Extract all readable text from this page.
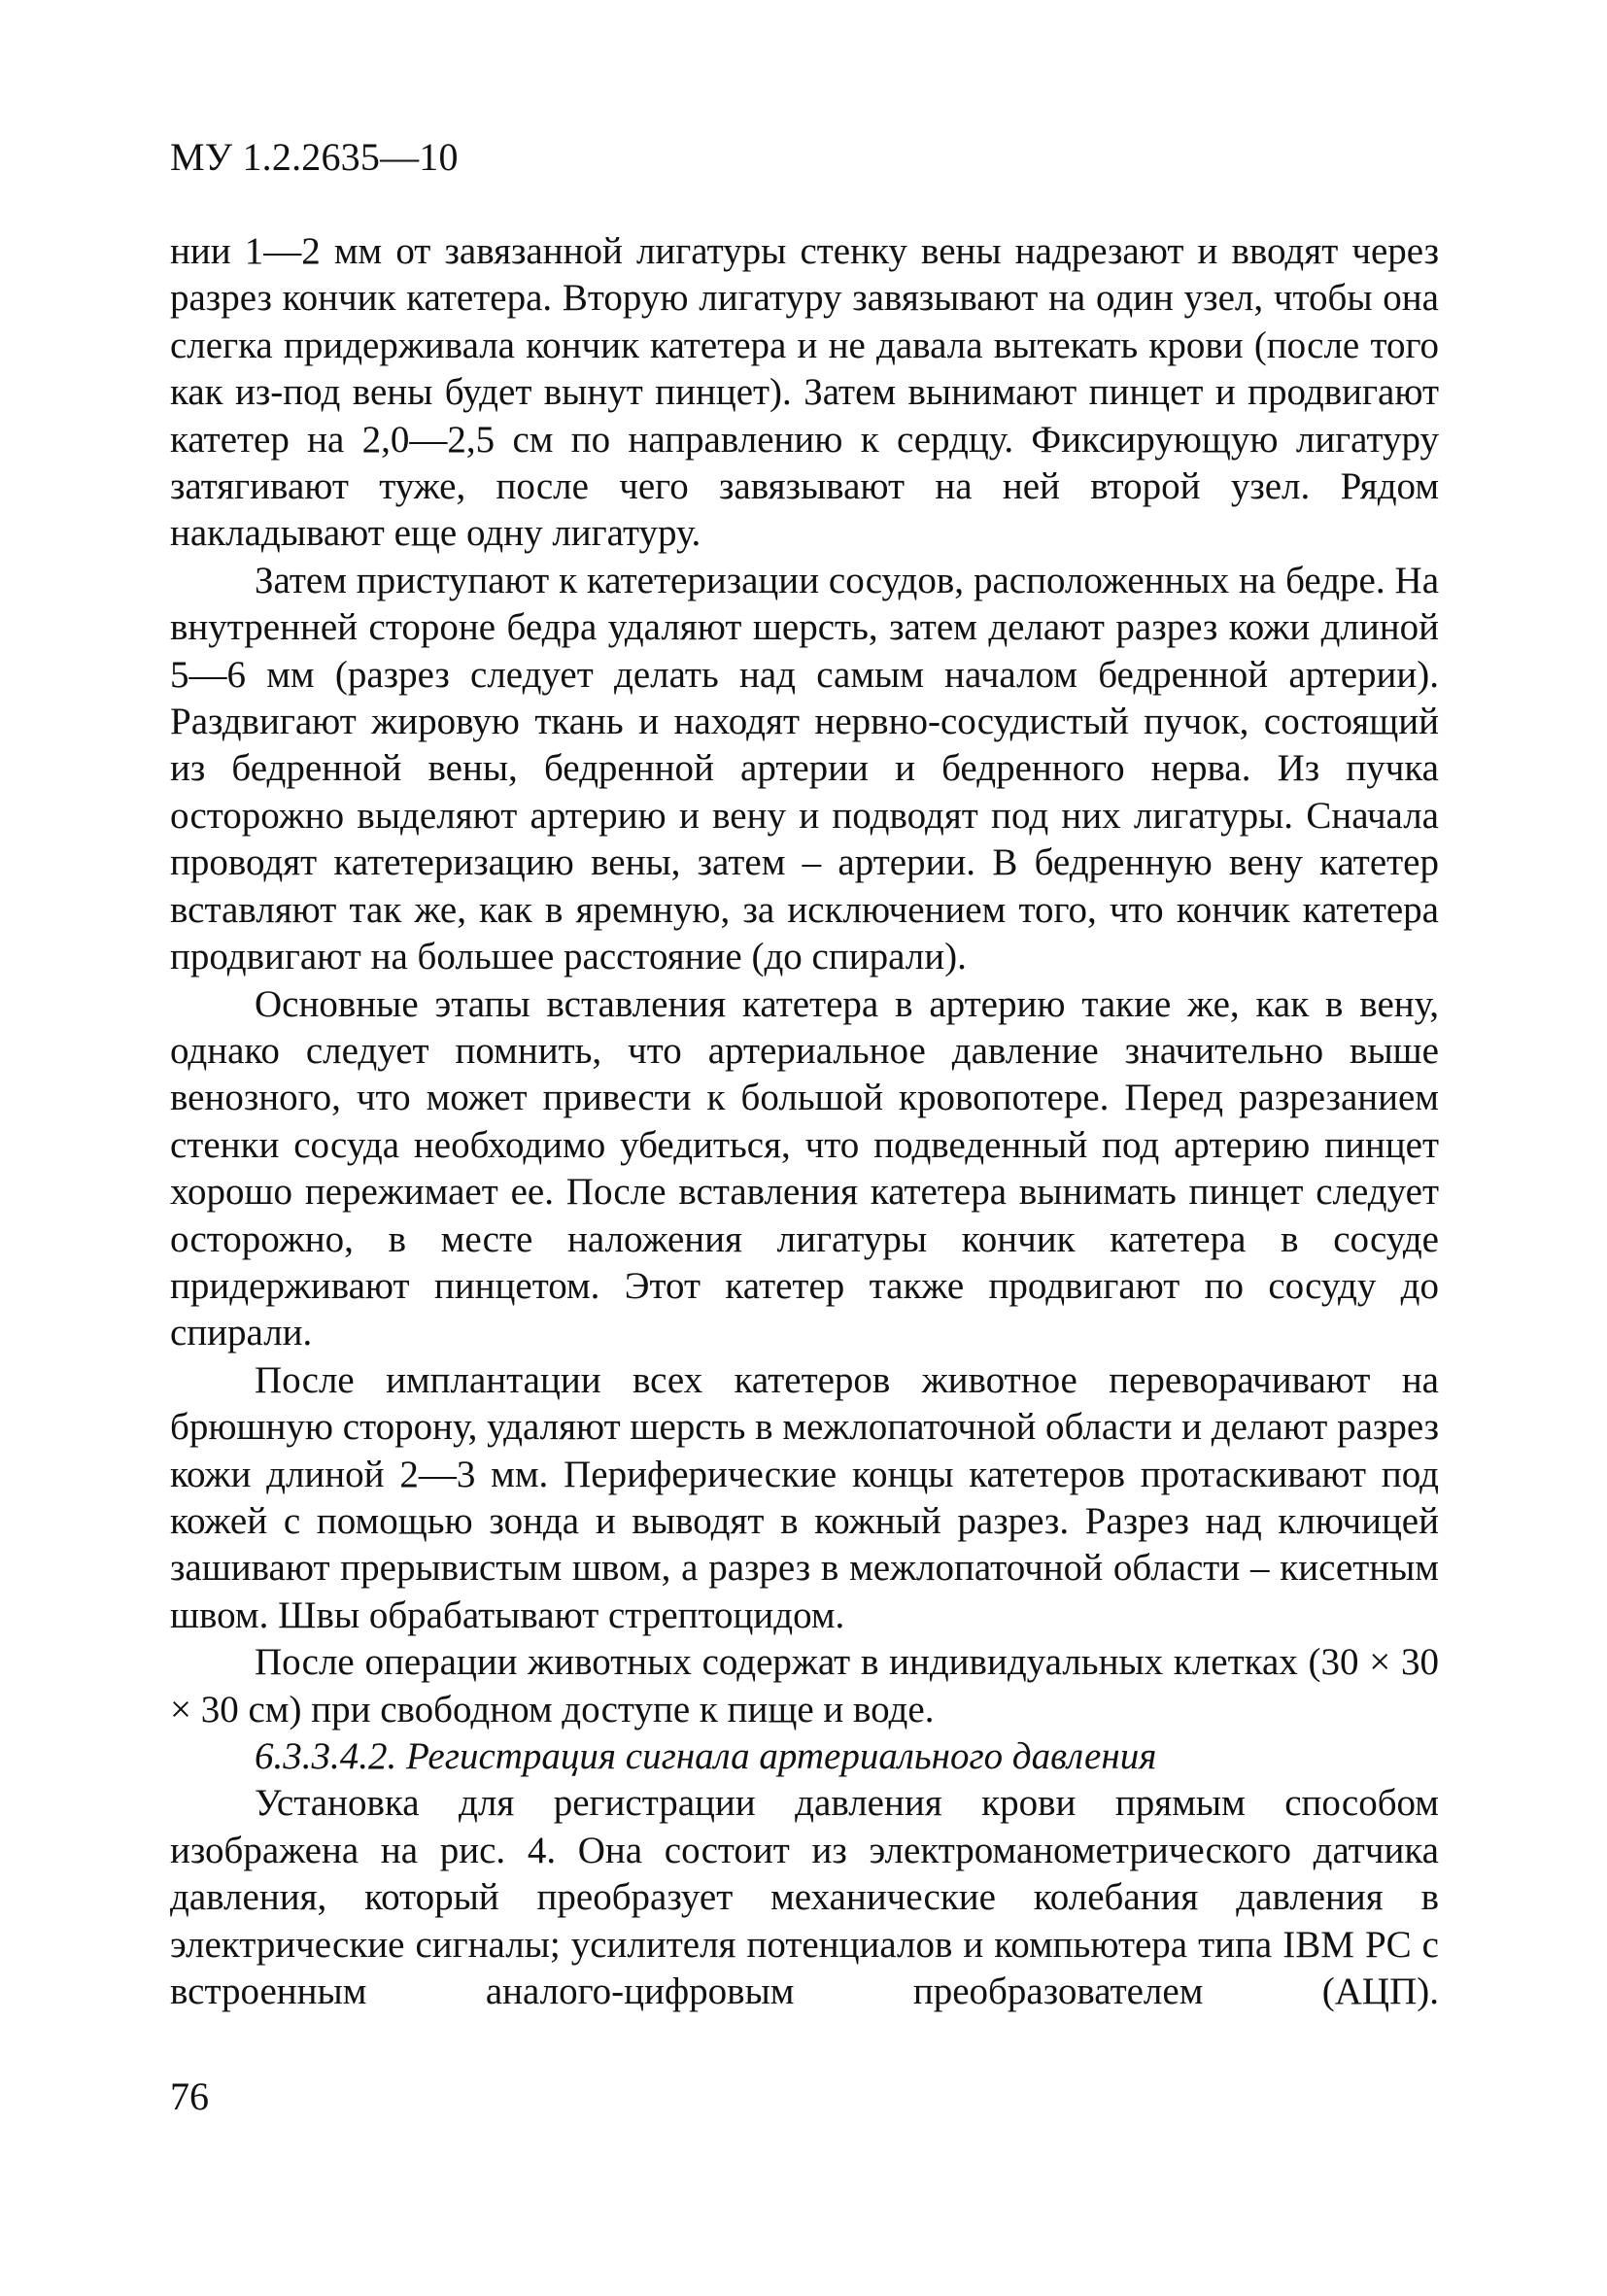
МУ 1.2.2635—10

нии 1—2 мм от завязанной лигатуры стенку вены надрезают и вводят через разрез кончик катетера. Вторую лигатуру завязывают на один узел, чтобы она слегка придерживала кончик катетера и не давала вытекать крови (после того как из-под вены будет вынут пинцет). Затем вынимают пинцет и продвигают катетер на 2,0—2,5 см по направлению к сердцу. Фиксирующую лигатуру затягивают туже, после чего завязывают на ней второй узел. Рядом накладывают еще одну лигатуру.

Затем приступают к катетеризации сосудов, расположенных на бедре. На внутренней стороне бедра удаляют шерсть, затем делают разрез кожи длиной 5—6 мм (разрез следует делать над самым началом бедренной артерии). Раздвигают жировую ткань и находят нервно-сосудистый пучок, состоящий из бедренной вены, бедренной артерии и бедренного нерва. Из пучка осторожно выделяют артерию и вену и подводят под них лигатуры. Сначала проводят катетеризацию вены, затем – артерии. В бедренную вену катетер вставляют так же, как в яремную, за исключением того, что кончик катетера продвигают на большее расстояние (до спирали).

Основные этапы вставления катетера в артерию такие же, как в вену, однако следует помнить, что артериальное давление значительно выше венозного, что может привести к большой кровопотере. Перед разрезанием стенки сосуда необходимо убедиться, что подведенный под артерию пинцет хорошо пережимает ее. После вставления катетера вынимать пинцет следует осторожно, в месте наложения лигатуры кончик катетера в сосуде придерживают пинцетом. Этот катетер также продвигают по сосуду до спирали.

После имплантации всех катетеров животное переворачивают на брюшную сторону, удаляют шерсть в межлопаточной области и делают разрез кожи длиной 2—3 мм. Периферические концы катетеров протаскивают под кожей с помощью зонда и выводят в кожный разрез. Разрез над ключицей зашивают прерывистым швом, а разрез в межлопаточной области – кисетным швом. Швы обрабатывают стрептоцидом.

После операции животных содержат в индивидуальных клетках (30 × 30 × 30 см) при свободном доступе к пище и воде.

6.3.3.4.2. Регистрация сигнала артериального давления

Установка для регистрации давления крови прямым способом изображена на рис. 4. Она состоит из электроманометрического датчика давления, который преобразует механические колебания давления в электрические сигналы; усилителя потенциалов и компьютера типа IBM PC с встроенным аналого-цифровым преобразователем (АЦП).

76
